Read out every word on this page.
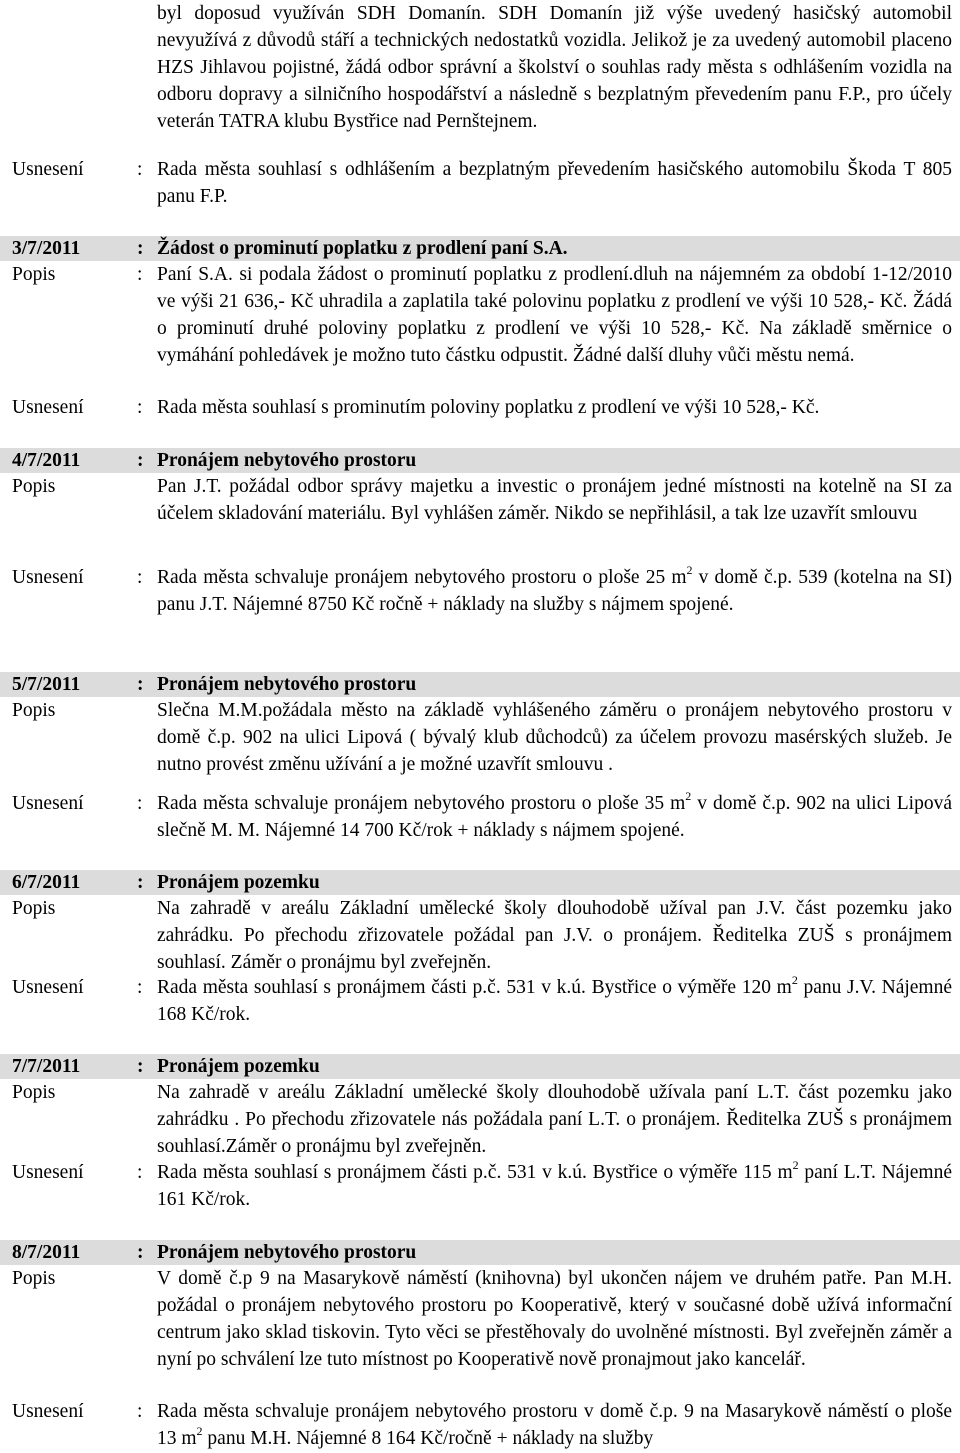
byl doposud využíván SDH Domanín. SDH Domanín již výše uvedený hasičský automobil nevyužívá z důvodů stáří a technických nedostatků vozidla. Jelikož je za uvedený automobil placeno HZS Jihlavou pojistné, žádá odbor správní a školství o souhlas rady města s odhlášením vozidla na odboru dopravy a silničního hospodářství a následně s bezplatným převedením panu F.P., pro účely veterán TATRA klubu Bystřice nad Pernštejnem.
Usnesení	: Rada města souhlasí s odhlášením a bezplatným převedením hasičského automobilu Škoda T 805 panu F.P.
3/7/2011	: Žádost o prominutí poplatku z prodlení paní S.A.
Popis	: Paní S.A. si podala žádost o prominutí poplatku z prodlení.dluh na nájemném za období 1-12/2010 ve výši 21 636,- Kč uhradila a zaplatila také polovinu poplatku z prodlení ve výši 10 528,- Kč. Žádá o prominutí druhé poloviny poplatku z prodlení ve výši 10 528,- Kč. Na základě směrnice o vymáhání pohledávek je možno tuto částku odpustit. Žádné další dluhy vůči městu nemá.
Usnesení	: Rada města souhlasí s prominutím poloviny poplatku z prodlení ve výši 10 528,- Kč.
4/7/2011	: Pronájem nebytového prostoru
Popis	Pan J.T. požádal odbor správy majetku a investic o pronájem jedné místnosti na kotelně na SI za účelem skladování materiálu. Byl vyhlášen záměr. Nikdo se nepřihlásil, a tak lze uzavřít smlouvu
Usnesení	: Rada města schvaluje pronájem nebytového prostoru o ploše 25 $m^2$ v domě č.p. 539 (kotelna na SI) panu J.T. Nájemné 8750 Kč ročně + náklady na služby s nájmem spojené.
5/7/2011	: Pronájem nebytového prostoru
Popis	Slečna M.M.požádala město na základě vyhlášeného záměru o pronájem nebytového prostoru v domě č.p. 902 na ulici Lipová ( bývalý klub důchodců) za účelem provozu masérských služeb. Je nutno provést změnu užívání a je možné uzavřít smlouvu .
Usnesení	: Rada města schvaluje pronájem nebytového prostoru o ploše 35 $m^2$ v domě č.p. 902 na ulici Lipová slečně M. M. Nájemné 14 700 Kč/rok + náklady s nájmem spojené.
6/7/2011	: Pronájem pozemku
Popis	Na zahradě v areálu Základní umělecké školy dlouhodobě užíval pan J.V. část pozemku jako zahrádku. Po přechodu zřizovatele požádal pan J.V. o pronájem. Ředitelka ZUŠ s pronájmem souhlasí. Záměr o pronájmu byl zveřejněn.
Usnesení	: Rada města souhlasí s pronájmem části p.č. 531 v k.ú. Bystřice o výměře 120 $m^2$ panu J.V. Nájemné 168 Kč/rok.
7/7/2011	: Pronájem pozemku
Popis	Na zahradě v areálu Základní umělecké školy dlouhodobě užívala paní L.T. část pozemku jako zahrádku . Po přechodu zřizovatele nás požádala paní L.T. o pronájem. Ředitelka ZUŠ s pronájmem souhlasí.Záměr o pronájmu byl zveřejněn.
Usnesení	: Rada města souhlasí s pronájmem části p.č. 531 v k.ú. Bystřice o výměře 115 $m^2$ paní L.T. Nájemné 161 Kč/rok.
8/7/2011	: Pronájem nebytového prostoru
Popis	V domě č.p 9 na Masarykově náměstí (knihovna) byl ukončen nájem ve druhém patře. Pan M.H. požádal o pronájem nebytového prostoru po Kooperativě, který v současné době užívá informační centrum jako sklad tiskovin. Tyto věci se přestěhovaly do uvolněné místnosti. Byl zveřejněn záměr a nyní po schválení lze tuto místnost po Kooperativě nově pronajmout jako kancelář.
Usnesení	: Rada města schvaluje pronájem nebytového prostoru v domě č.p. 9 na Masarykově náměstí o ploše 13 $m^2$ panu M.H. Nájemné 8 164 Kč/ročně + náklady na služby
